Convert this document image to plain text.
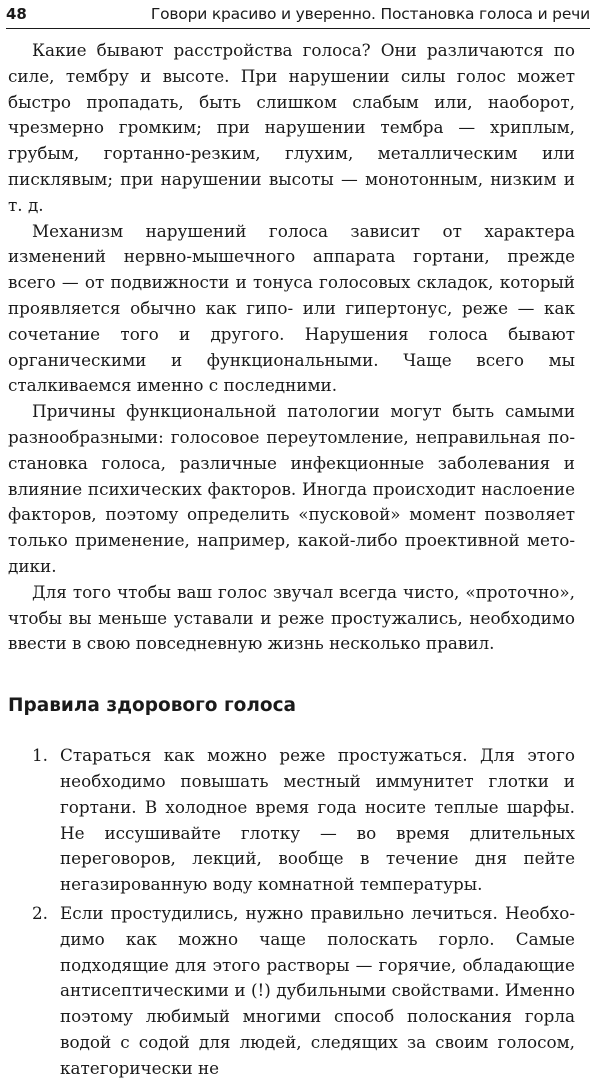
48	Говори красиво и уверенно. Постановка голоса и речи

Какие бывают расстройства голоса? Они различаются по силе, тембру и высоте. При нарушении силы голос может быстро пропадать, быть слишком слабым или, наоборот, чрезмерно громким; при нарушении тембра — хриплым, грубым, гортанно-резким, глухим, металлическим или писклявым; при нарушении высоты — монотонным, низким и т. д.

Механизм нарушений голоса зависит от характера изменений нервно-мышечного аппарата гортани, прежде всего — от подвижности и тонуса голосовых складок, который проявляется обычно как гипо- или гипертонус, реже — как сочетание того и другого. Нарушения голоса бывают органическими и функциональными. Чаще всего мы сталкиваемся именно с последними.

Причины функциональной патологии могут быть самыми разнообразными: голосовое переутомление, неправильная постановка голоса, различные инфекционные заболевания и влияние психических факторов. Иногда происходит наслоение факторов, поэтому определить «пусковой» момент позволяет только применение, например, какой-либо проективной методики.

Для того чтобы ваш голос звучал всегда чисто, «проточно», чтобы вы меньше уставали и реже простужались, необходимо ввести в свою повседневную жизнь несколько правил.

Правила здорового голоса
1. Стараться как можно реже простужаться. Для этого необходимо повышать местный иммунитет глотки и гортани. В холодное время года носите теплые шарфы. Не иссушивайте глотку — во время длительных переговоров, лекций, вообще в течение дня пейте негазированную воду комнатной температуры.
2. Если простудились, нужно правильно лечиться. Необходимо как можно чаще полоскать горло. Самые подходящие для этого растворы — горячие, обладающие антисептическими и (!) дубильными свойствами. Именно поэтому любимый многими способ полоскания горла водой с содой для людей, следящих за своим голосом, категорически не
